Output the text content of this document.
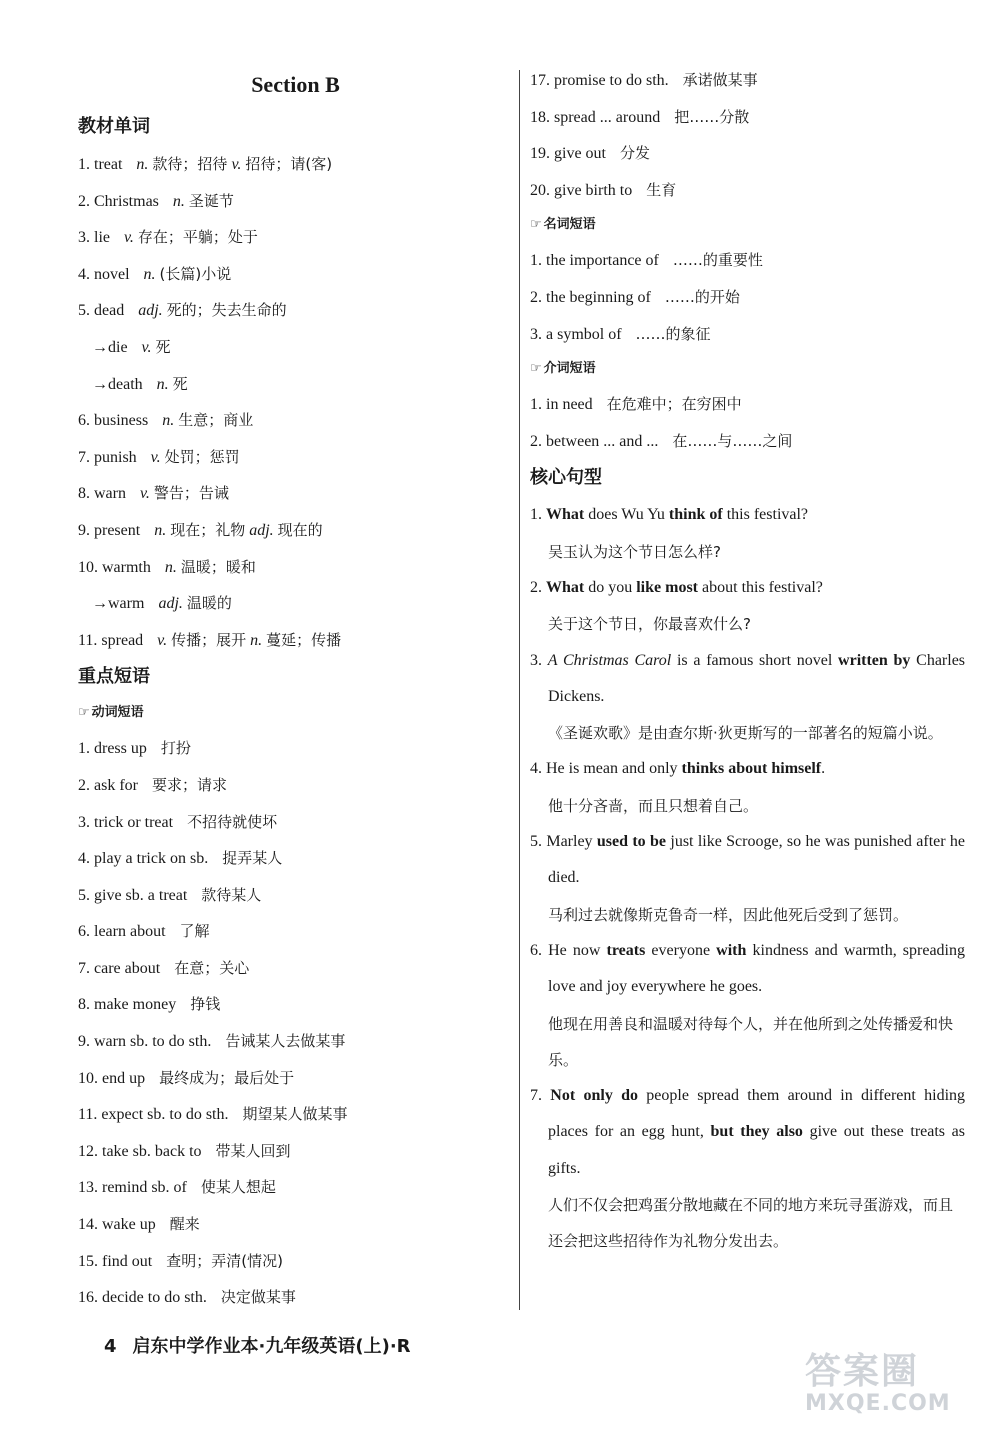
Section B
教材单词
1. treat n. 款待；招待 v. 招待；请(客)
2. Christmas n. 圣诞节
3. lie v. 存在；平躺；处于
4. novel n. (长篇)小说
5. dead adj. 死的；失去生命的
→die v. 死
→death n. 死
6. business n. 生意；商业
7. punish v. 处罚；惩罚
8. warn v. 警告；告诫
9. present n. 现在；礼物 adj. 现在的
10. warmth n. 温暖；暖和
→warm adj. 温暖的
11. spread v. 传播；展开 n. 蔓延；传播
重点短语
☞ 动词短语
1. dress up 打扮
2. ask for 要求；请求
3. trick or treat 不招待就使坏
4. play a trick on sb. 捉弄某人
5. give sb. a treat 款待某人
6. learn about 了解
7. care about 在意；关心
8. make money 挣钱
9. warn sb. to do sth. 告诫某人去做某事
10. end up 最终成为；最后处于
11. expect sb. to do sth. 期望某人做某事
12. take sb. back to 带某人回到
13. remind sb. of 使某人想起
14. wake up 醒来
15. find out 查明；弄清(情况)
16. decide to do sth. 决定做某事
17. promise to do sth. 承诺做某事
18. spread ... around 把……分散
19. give out 分发
20. give birth to 生育
☞ 名词短语
1. the importance of ……的重要性
2. the beginning of ……的开始
3. a symbol of ……的象征
☞ 介词短语
1. in need 在危难中；在穷困中
2. between ... and ... 在……与……之间
核心句型

1. What does Wu Yu think of this festival?

吴玉认为这个节日怎么样?

2. What do you like most about this festival?

关于这个节日，你最喜欢什么?

3. A Christmas Carol is a famous short novel written by Charles Dickens.

《圣诞欢歌》是由查尔斯·狄更斯写的一部著名的短篇小说。

4. He is mean and only thinks about himself.

他十分吝啬，而且只想着自己。

5. Marley used to be just like Scrooge, so he was punished after he died.

马利过去就像斯克鲁奇一样，因此他死后受到了惩罚。

6. He now treats everyone with kindness and warmth, spreading love and joy everywhere he goes.

他现在用善良和温暖对待每个人，并在他所到之处传播爱和快乐。

7. Not only do people spread them around in different hiding places for an egg hunt, but they also give out these treats as gifts.

人们不仅会把鸡蛋分散地藏在不同的地方来玩寻蛋游戏，而且还会把这些招待作为礼物分发出去。

4 启东中学作业本·九年级英语(上)·R
答案圈
MXQE.COM
